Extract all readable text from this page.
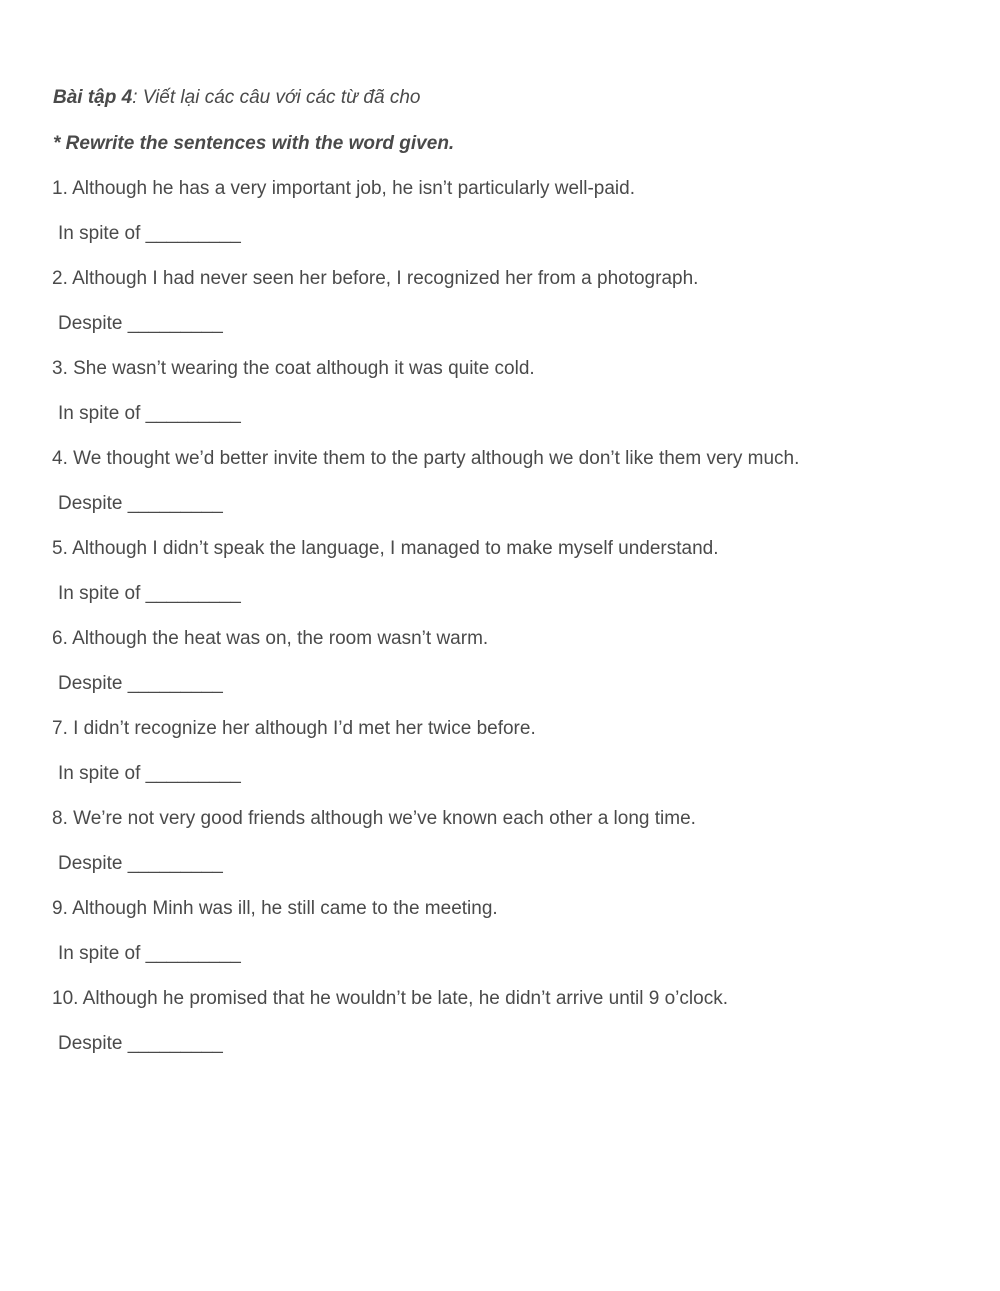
Bài tập 4: Viết lại các câu với các từ đã cho
* Rewrite the sentences with the word given.
1. Although he has a very important job, he isn’t particularly well-paid.
In spite of _________
2. Although I had never seen her before, I recognized her from a photograph.
Despite _________
3. She wasn’t wearing the coat although it was quite cold.
In spite of _________
4. We thought we’d better invite them to the party although we don’t like them very much.
Despite _________
5. Although I didn’t speak the language, I managed to make myself understand.
In spite of _________
6. Although the heat was on, the room wasn’t warm.
Despite _________
7. I didn’t recognize her although I’d met her twice before.
In spite of _________
8. We’re not very good friends although we’ve known each other a long time.
Despite _________
9. Although Minh was ill, he still came to the meeting.
In spite of _________
10. Although he promised that he wouldn’t be late, he didn’t arrive until 9 o’clock.
Despite _________
